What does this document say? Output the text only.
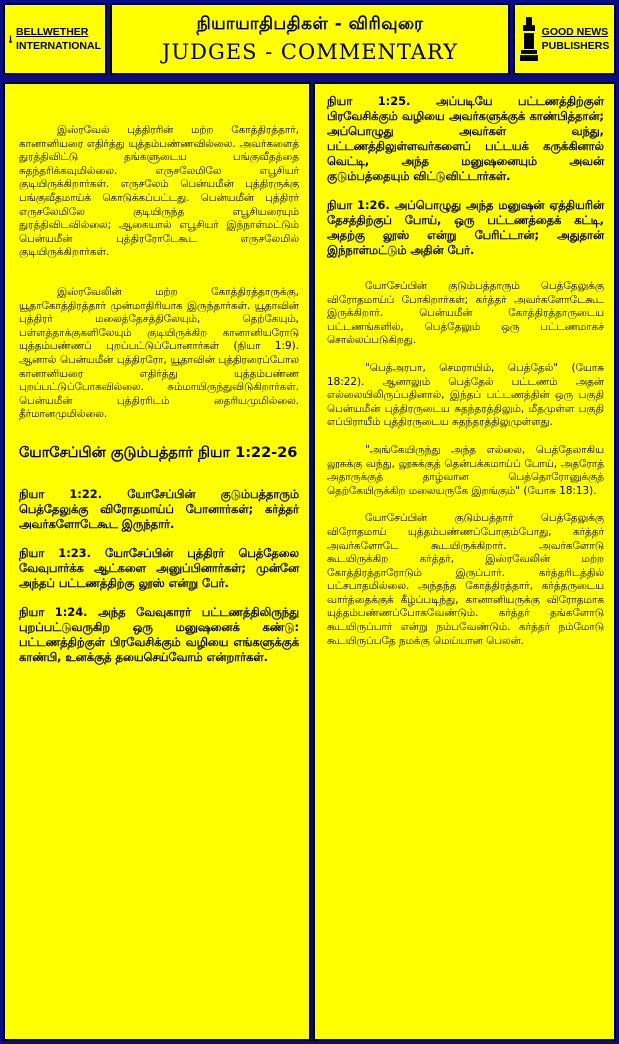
BELLWETHER
INTERNATIONAL
நியாயாதிபதிகள் - விரிவுரை
JUDGES - COMMENTARY
GOOD NEWS
PUBLISHERS

இஸ்ரவேல் புத்திரரின் மற்ற கோத்திரத்தார், கானானியரை எதிர்த்து யுத்தம்பண்ணவில்லை. அவர்களைத் துரத்திவிட்டு தங்களுடைய பங்குவீதத்தை சுதந்தரிக்கவுமில்லை. எருசலேமிலே எபூசியர் குடியிருக்கிறார்கள். எருசலேம் பென்யமீன் புத்திரருக்கு பங்குவீதமாய்க் கொடுக்கப்பட்டது. பென்யமீன் புத்திரர் எருசலேமிலே குடியிருந்த எபூசியரையும் துரத்திவிடவில்லை; ஆகையால் எபூசியர் இந்நாள்மட்டும் பென்யமீன் புத்திரரோடேகூட எருசலேமில் குடியிருக்கிறார்கள்.

இஸ்ரவேலின் மற்ற கோத்திரத்தாருக்கு, யூதாகோத்திரத்தார் முன்மாதிரியாக இருந்தார்கள். யூதாவின் புத்திரர் மலைத்தேசத்திலேயும், தெற்கேயும், பள்ளத்தாக்குகளிலேயும் குடியிருக்கிற கானானியரோடு யுத்தம்பண்ணப் புறப்பட்டுப்போனார்கள் (நியா 1:9). ஆனால் பென்யமீன் புத்திரரோ, யூதாவின் புத்திரரைப்போல கானானியரை எதிர்த்து யுத்தம்பண்ண புறப்பட்டுப்போகவில்லை. சும்மாயிருந்துவிடுகிறார்கள். பென்யமீன் புத்திரரிடம் தைரியமுமில்லை. தீர்மானமுமில்லை.

யோசேப்பின் குடும்பத்தார் நியா 1:22-26

நியா 1:22. யோசேப்பின் குடும்பத்தாரும் பெத்தேலுக்கு விரோதமாய்ப் போனார்கள்; கர்த்தர் அவர்களோடேகூட இருந்தார்.

நியா 1:23. யோசேப்பின் புத்திரர் பெத்தேலை வேவுபார்க்க ஆட்களை அனுப்பினார்கள்; முன்னே அந்தப் பட்டணத்திற்கு லூஸ் என்று பேர்.

நியா 1:24. அந்த வேவுகாரர் பட்டணத்திலிருந்து புறப்பட்டுவருகிற ஒரு மனுஷனைக் கண்டு: பட்டணத்திற்குள் பிரவேசிக்கும் வழியை எங்களுக்குக் காண்பி, உனக்குத் தயைசெய்வோம் என்றார்கள்.

நியா 1:25. அப்படியே பட்டணத்திற்குள் பிரவேசிக்கும் வழியை அவர்களுக்குக் காண்பித்தான்; அப்பொழுது அவர்கள் வந்து, பட்டணத்திலுள்ளவர்களைப் பட்டயக் கருக்கினால் வெட்டி, அந்த மனுஷனையும் அவன் குடும்பத்தையும் விட்டுவிட்டார்கள்.

நியா 1:26. அப்பொழுது அந்த மனுஷன் ஏத்தியரின் தேசத்திற்குப் போய், ஒரு பட்டணத்தைக் கட்டி, அதற்கு லூஸ் என்று பேரிட்டான்; அதுதான் இந்நாள்மட்டும் அதின் பேர்.

யோசேப்பின் குடும்பத்தாரும் பெத்தேலுக்கு விரோதமாய்ப் போகிறார்கள்; கர்த்தர் அவர்களோடேகூட இருக்கிறார். பென்யமீன் கோத்திரத்தாருடைய பட்டணங்களில், பெத்தேலும் ஒரு பட்டணமாகச் சொல்லப்படுகிறது.

"பெத்அரபா, செமராயிம், பெத்தேல்" (யோசு 18:22). ஆனாலும் பெத்தேல் பட்டணம் அதன் எல்லையிலிருப்பதினால், இந்தப் பட்டணத்தின் ஒரு பகுதி பென்யமீன் புத்திரருடைய சுதந்தரத்திலும், மீதமுள்ள பகுதி எப்பிராயீம் புத்திரருடைய சுதந்தரத்திலுமுள்ளது.

"அங்கேயிருந்து அந்த எல்லை, பெத்தேலாகிய லூசுக்கு வந்து, லூசுக்குத் தென்பக்கமாய்ப் போய், அதரோத் அதாருக்குத் தாழ்வான பெத்தொரோனுக்குத் தெற்கேயிருக்கிற மலையருகே இறங்கும்" (யோசு 18:13).

யோசேப்பின் குடும்பத்தார் பெத்தேலுக்கு விரோதமாய் யுத்தம்பண்ணப்போகும்போது, கர்த்தர் அவர்களோடே கூடயிருக்கிறார். அவர்களோடு கூடயிருக்கிற கர்த்தர், இஸ்ரவேலின் மற்ற கோத்திரத்தாரோடும் இருப்பார். கர்த்தரிடத்தில் பட்சபாதமில்லை. அந்தந்த கோத்திரத்தார், கர்த்தருடைய வார்த்தைக்குக் கீழ்ப்படிந்து, கானானியருக்கு விரோதமாக யுத்தம்பண்ணப்போகவேண்டும். கர்த்தர் தங்களோடு கூடயிருப்பார் என்று நம்பவேண்டும். கர்த்தர் நம்மோடு கூடயிருப்பதே நமக்கு மெய்யான பெலன்.
